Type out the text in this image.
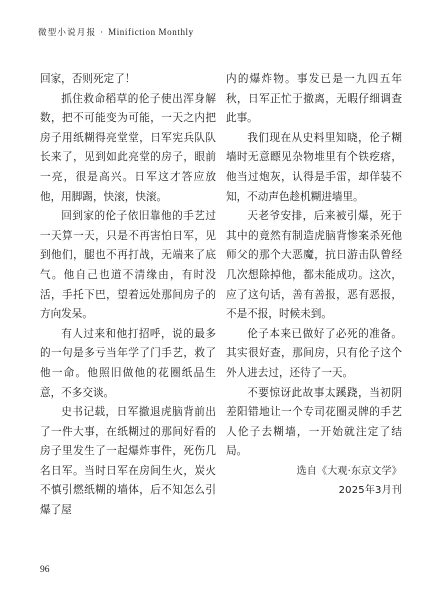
微型小说月报 · Minifiction Monthly

回家，否则死定了！

抓住救命稻草的伦子使出浑身解数，把不可能变为可能，一天之内把房子用纸糊得亮堂堂，日军宪兵队队长来了，见到如此亮堂的房子，眼前一亮，很是高兴。日军这才答应放他，用脚踢，快滚，快滚。

回到家的伦子依旧靠他的手艺过一天算一天，只是不再害怕日军，见到他们，腿也不再打战，无端来了底气。他自己也道不清缘由，有时没活，手托下巴，望着远处那间房子的方向发呆。

有人过来和他打招呼，说的最多的一句是多亏当年学了门手艺，救了他一命。他照旧做他的花圈纸品生意，不多交谈。

史书记载，日军撤退虎脑背前出了一件大事，在纸糊过的那间好看的房子里发生了一起爆炸事件，死伤几名日军。当时日军在房间生火，炭火不慎引燃纸糊的墙体，后不知怎么引爆了屋

内的爆炸物。事发已是一九四五年秋，日军正忙于撤离，无暇仔细调查此事。

我们现在从史料里知晓，伦子糊墙时无意瞟见杂物堆里有个铁疙瘩，他当过炮灰，认得是手雷，却佯装不知，不动声色趁机糊进墙里。

天老爷安排，后来被引爆，死于其中的竟然有制造虎脑背惨案杀死他师父的那个大恶魔，抗日游击队曾经几次想除掉他，都未能成功。这次，应了这句话，善有善报，恶有恶报，不是不报，时候未到。

伦子本来已做好了必死的准备。其实很好查，那间房，只有伦子这个外人进去过，还待了一天。

不要惊讶此故事太蹊跷，当初阴差阳错地让一个专司花圈灵牌的手艺人伦子去糊墙，一开始就注定了结局。

选自《大观·东京文学》
2025年3月刊
96
